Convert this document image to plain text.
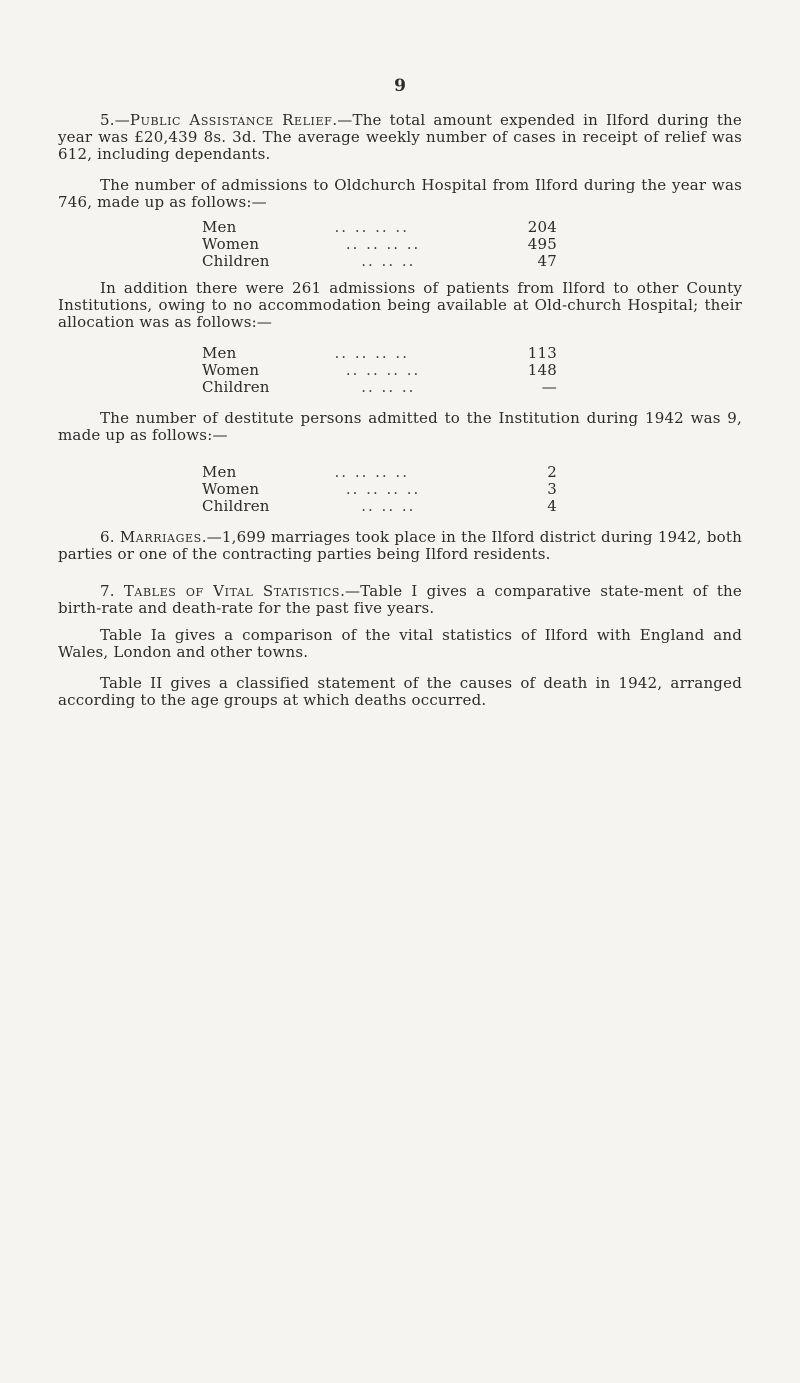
9

5.—Public Assistance Relief.—The total amount expended in Ilford during the year was £20,439 8s. 3d. The average weekly number of cases in receipt of relief was 612, including dependants.

The number of admissions to Oldchurch Hospital from Ilford during the year was 746, made up as follows:—

Men	.. .. .. ..	204
Women	.. .. .. ..	495
Children	.. .. ..	47

In addition there were 261 admissions of patients from Ilford to other County Institutions, owing to no accommodation being available at Old-church Hospital; their allocation was as follows:—

Men	.. .. .. ..	113
Women	.. .. .. ..	148
Children	.. .. ..	—

The number of destitute persons admitted to the Institution during 1942 was 9, made up as follows:—

Men	.. .. .. ..	2
Women	.. .. .. ..	3
Children	.. .. ..	4

6. Marriages.—1,699 marriages took place in the Ilford district during 1942, both parties or one of the contracting parties being Ilford residents.

7. Tables of Vital Statistics.—Table I gives a comparative state-ment of the birth-rate and death-rate for the past five years.

Table Ia gives a comparison of the vital statistics of Ilford with England and Wales, London and other towns.

Table II gives a classified statement of the causes of death in 1942, arranged according to the age groups at which deaths occurred.
